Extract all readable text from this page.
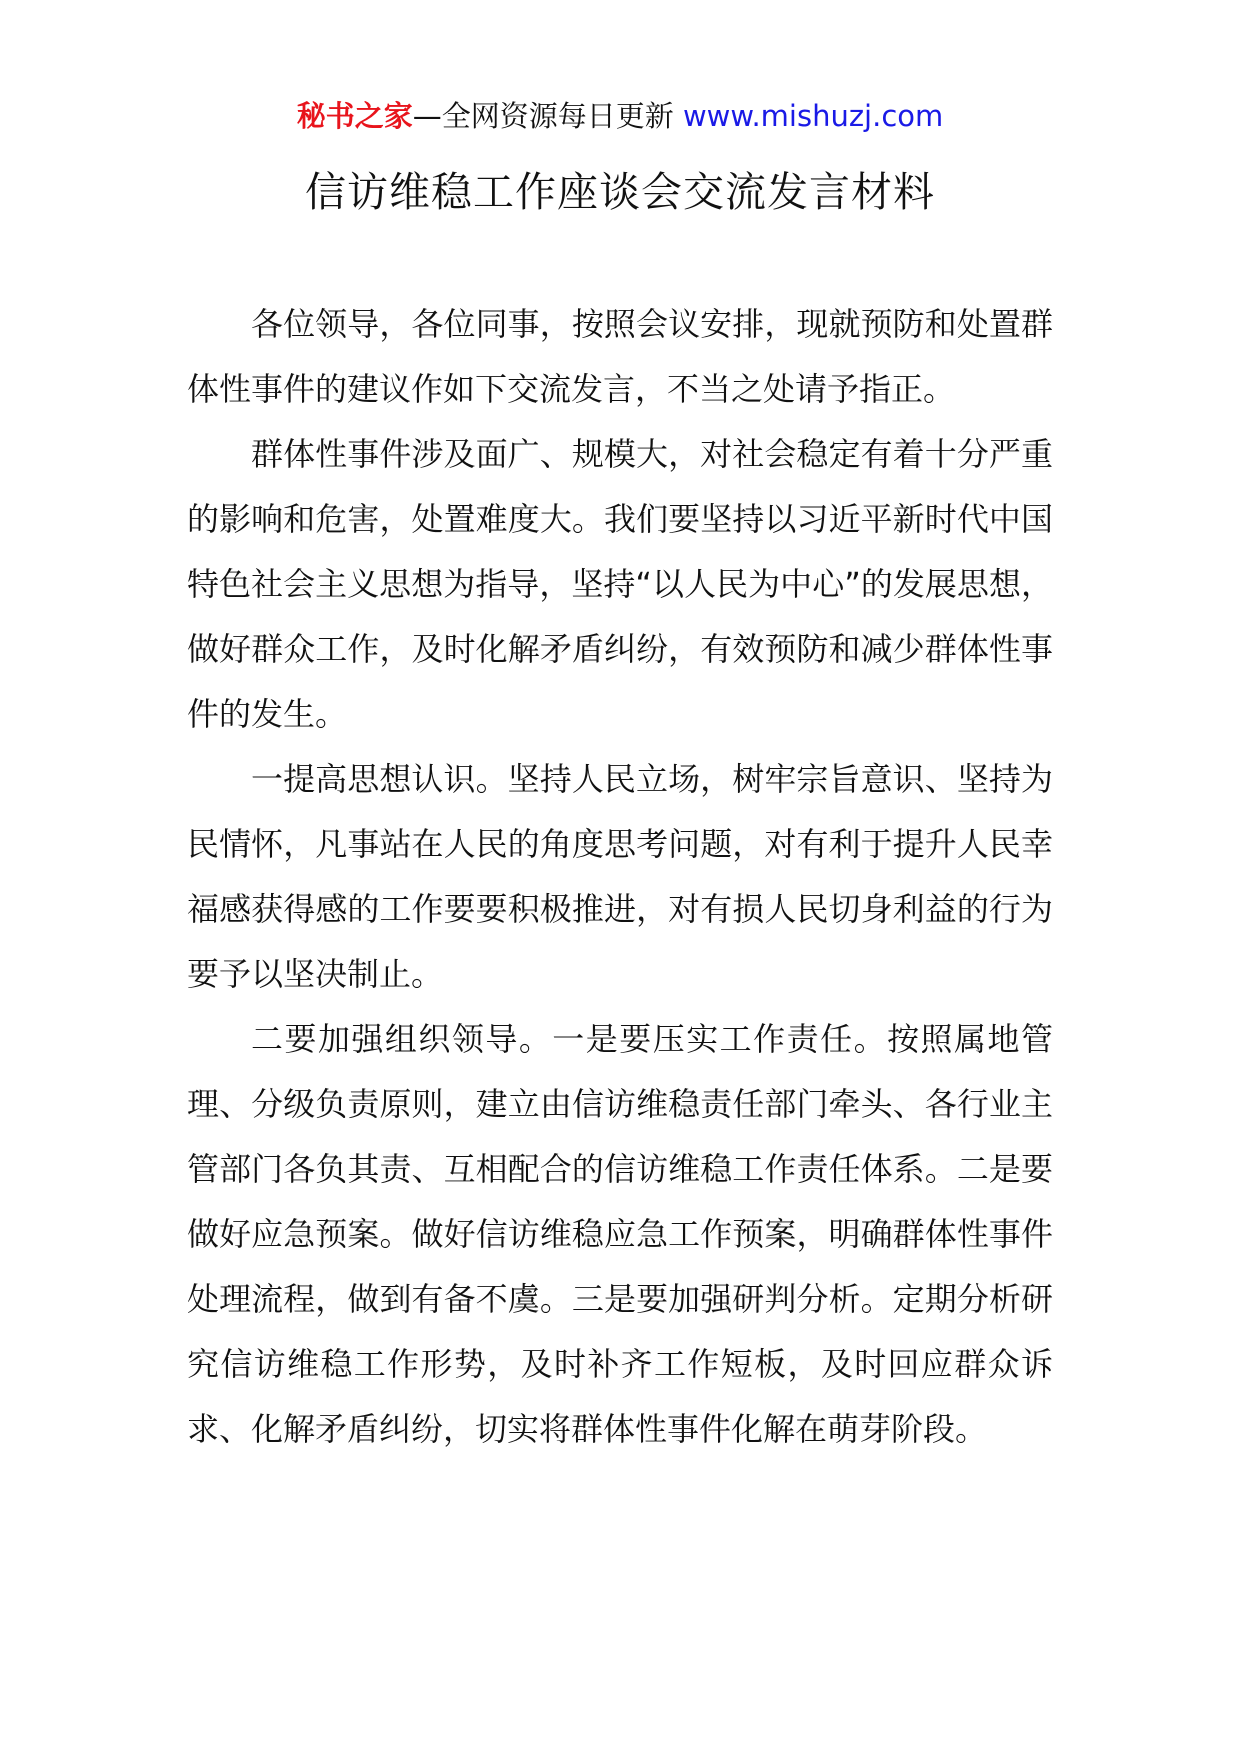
秘书之家—全网资源每日更新 www.mishuzj.com
信访维稳工作座谈会交流发言材料

各位领导，各位同事，按照会议安排，现就预防和处置群体性事件的建议作如下交流发言，不当之处请予指正。

群体性事件涉及面广、规模大，对社会稳定有着十分严重的影响和危害，处置难度大。我们要坚持以习近平新时代中国特色社会主义思想为指导，坚持“以人民为中心”的发展思想，做好群众工作，及时化解矛盾纠纷，有效预防和减少群体性事件的发生。

一提高思想认识。坚持人民立场，树牢宗旨意识、坚持为民情怀，凡事站在人民的角度思考问题，对有利于提升人民幸福感获得感的工作要要积极推进，对有损人民切身利益的行为要予以坚决制止。

二要加强组织领导。一是要压实工作责任。按照属地管理、分级负责原则，建立由信访维稳责任部门牵头、各行业主管部门各负其责、互相配合的信访维稳工作责任体系。二是要做好应急预案。做好信访维稳应急工作预案，明确群体性事件处理流程，做到有备不虞。三是要加强研判分析。定期分析研究信访维稳工作形势，及时补齐工作短板，及时回应群众诉求、化解矛盾纠纷，切实将群体性事件化解在萌芽阶段。
